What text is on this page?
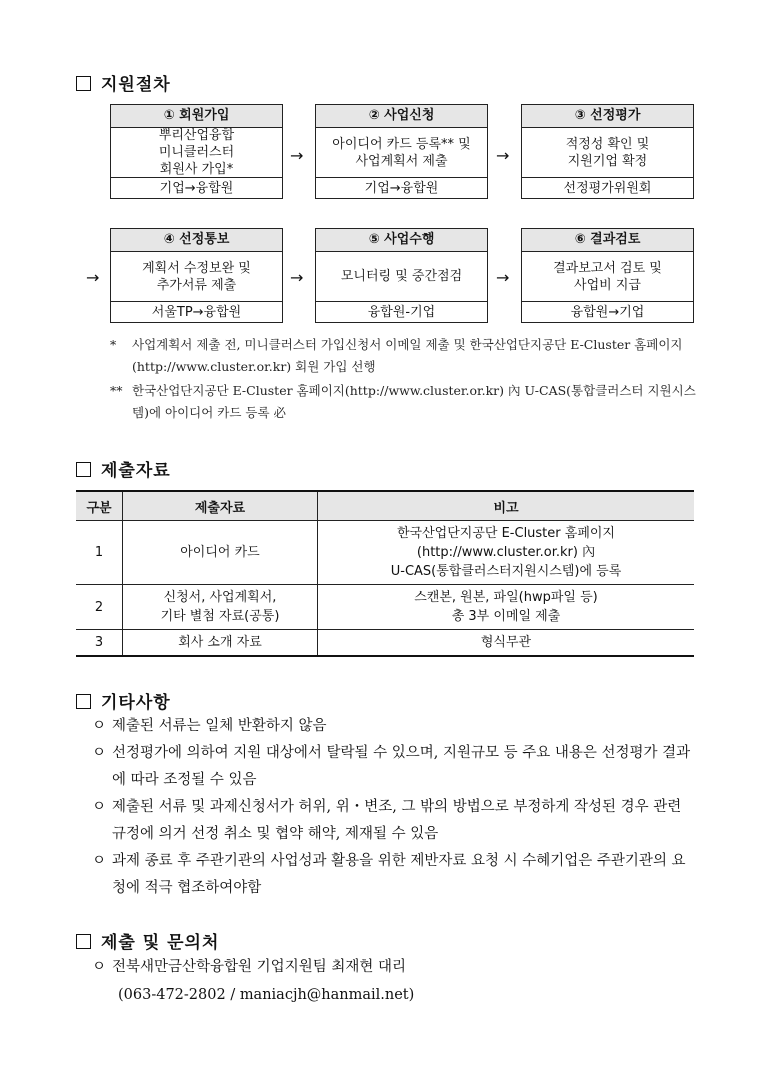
지원절차
① 회원가입
뿌리산업융합
미니클러스터
회원사 가입*
기업→융합원
→
② 사업신청
아이디어 카드 등록** 및
사업계획서 제출
기업→융합원
→
③ 선정평가
적정성 확인 및
지원기업 확정
선정평가위원회
→
④ 선정통보
계획서 수정보완 및
추가서류 제출
서울TP→융합원
→
⑤ 사업수행
모니터링 및 중간점검
융합원-기업
→
⑥ 결과검토
결과보고서 검토 및
사업비 지급
융합원→기업
* 사업계획서 제출 전, 미니클러스터 가입신청서 이메일 제출 및 한국산업단지공단 E-Cluster 홈페이지(http://www.cluster.or.kr) 회원 가입 선행
** 한국산업단지공단 E-Cluster 홈페이지(http://www.cluster.or.kr) 內 U-CAS(통합클러스터 지원시스템)에 아이디어 카드 등록 必
제출자료
구분	제출자료	비고
1	아이디어 카드	한국산업단지공단 E-Cluster 홈페이지
(http://www.cluster.or.kr) 內
U-CAS(통합클러스터지원시스템)에 등록
2	신청서, 사업계획서,
기타 별첨 자료(공통)	스캔본, 원본, 파일(hwp파일 등)
총 3부 이메일 제출
3	회사 소개 자료	형식무관
기타사항
ㅇ 제출된 서류는 일체 반환하지 않음
ㅇ 선정평가에 의하여 지원 대상에서 탈락될 수 있으며, 지원규모 등 주요 내용은 선정평가 결과에 따라 조정될 수 있음
ㅇ 제출된 서류 및 과제신청서가 허위, 위・변조, 그 밖의 방법으로 부정하게 작성된 경우 관련 규정에 의거 선정 취소 및 협약 해약, 제재될 수 있음
ㅇ 과제 종료 후 주관기관의 사업성과 활용을 위한 제반자료 요청 시 수혜기업은 주관기관의 요청에 적극 협조하여야함
제출 및 문의처
ㅇ 전북새만금산학융합원 기업지원팀 최재현 대리
(063-472-2802 / maniacjh@hanmail.net)
